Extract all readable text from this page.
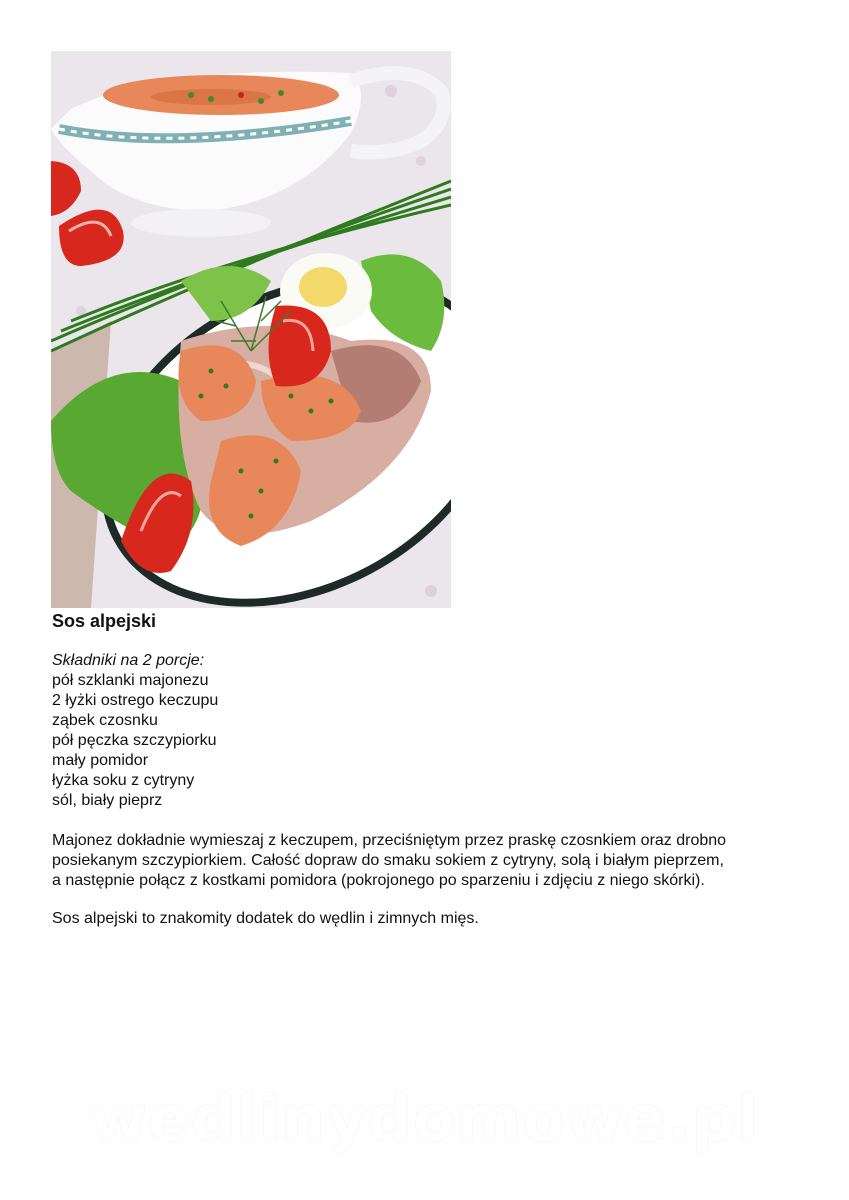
Sos alpejski
Składniki na 2 porcje:
pół szklanki majonezu
2 łyżki ostrego keczupu
ząbek czosnku
pół pęczka szczypiorku
mały pomidor
łyżka soku z cytryny
sól, biały pieprz
Majonez dokładnie wymieszaj z keczupem, przeciśniętym przez praskę czosnkiem oraz drobno
posiekanym szczypiorkiem. Całość dopraw do smaku sokiem z cytryny, solą i białym pieprzem,
a następnie połącz z kostkami pomidora (pokrojonego po sparzeniu i zdjęciu z niego skórki).

Sos alpejski to znakomity dodatek do wędlin i zimnych mięs.

wedlinydomowe.pl
